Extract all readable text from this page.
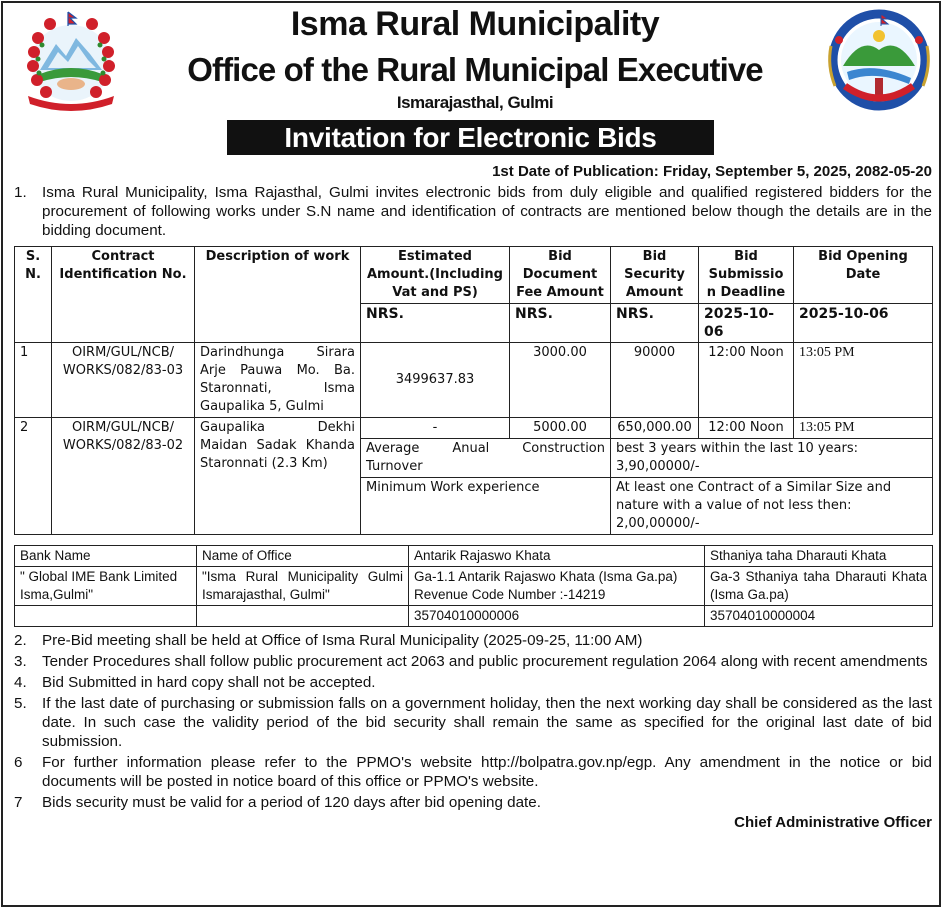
Isma Rural Municipality
Office of the Rural Municipal Executive
Ismarajasthal, Gulmi
Invitation for Electronic Bids
1st Date of Publication: Friday, September 5, 2025, 2082-05-20
1.	Isma Rural Municipality, Isma Rajasthal, Gulmi invites electronic bids from duly eligible and qualified registered bidders for the procurement of following works under S.N name and identification of contracts are mentioned below though the details are in the bidding document.
S. N.	Contract Identification No.	Description of work	Estimated Amount.(Including Vat and PS)	Bid Document Fee Amount	Bid Security Amount	Bid Submission Deadline	Bid Opening Date
			NRS.	NRS.	NRS.	2025-10-06	2025-10-06
1	OIRM/GUL/NCB/ WORKS/082/83-03	Darindhunga Sirara Arje Pauwa Mo. Ba. Staronnati, Isma Gaupalika 5, Gulmi	3499637.83	3000.00	90000	12:00 Noon	13:05 PM
2	OIRM/GUL/NCB/ WORKS/082/83-02	Gaupalika Dekhi Maidan Sadak Khanda Staronnati (2.3 Km)	-	5000.00	650,000.00	12:00 Noon	13:05 PM
			Average Anual Construction Turnover		best 3 years within the last 10 years: 3,90,00000/-		
			Minimum Work experience		At least one Contract of a Similar Size and nature with a value of not less then: 2,00,00000/-		
Bank Name	Name of Office	Antarik Rajaswo Khata	Sthaniya taha Dharauti Khata
" Global IME Bank Limited Isma,Gulmi"	"Isma Rural Municipality Gulmi Ismarajasthal, Gulmi"	Ga-1.1 Antarik Rajaswo Khata (Isma Ga.pa) Revenue Code Number :-14219	Ga-3 Sthaniya taha Dharauti Khata (Isma Ga.pa)
		35704010000006	35704010000004
2.	Pre-Bid meeting shall be held at Office of Isma Rural Municipality (2025-09-25, 11:00 AM)
3.	Tender Procedures shall follow public procurement act 2063 and public procurement regulation 2064 along with recent amendments
4.	Bid Submitted in hard copy shall not be accepted.
5.	If the last date of purchasing or submission falls on a government holiday, then the next working day shall be considered as the last date. In such case the validity period of the bid security shall remain the same as specified for the original last date of bid submission.
6	For further information please refer to the PPMO's website http://bolpatra.gov.np/egp. Any amendment in the notice or bid documents will be posted in notice board of this office or PPMO's website.
7	Bids security must be valid for a period of 120 days after bid opening date.
Chief Administrative Officer
